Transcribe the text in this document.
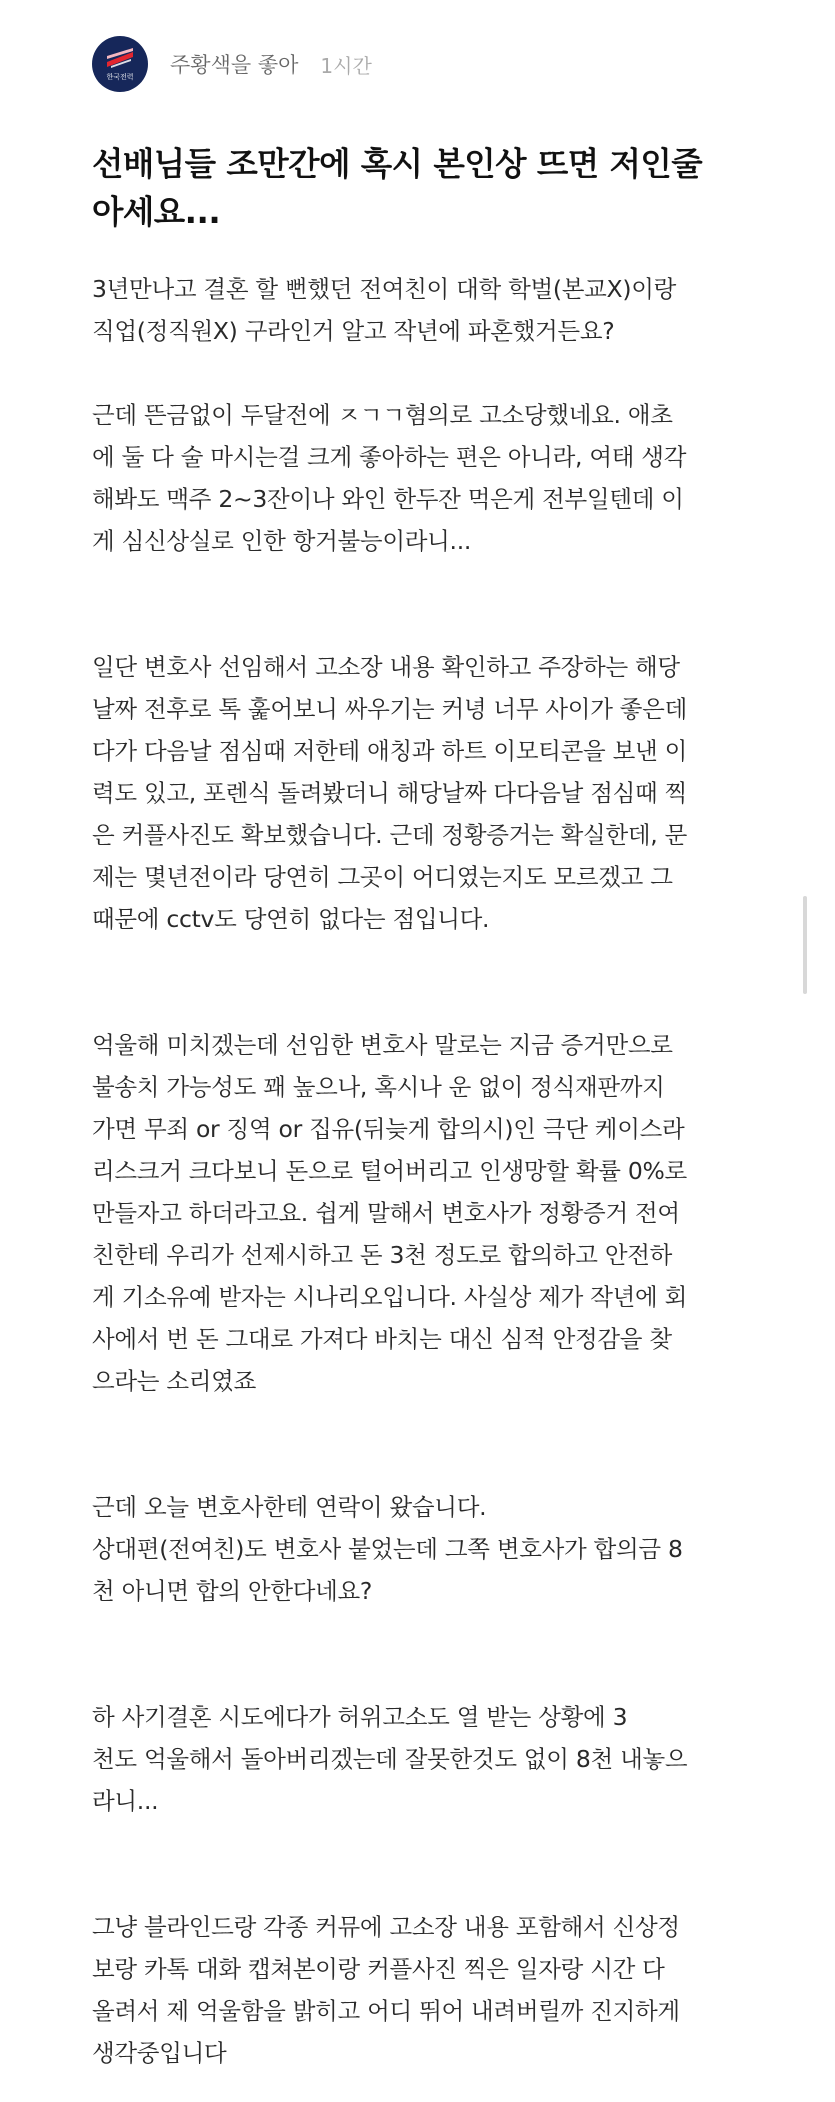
한국전력	주황색을 좋아 1시간
선배님들 조만간에 혹시 본인상 뜨면 저인줄
아세요...
3년만나고 결혼 할 뻔했던 전여친이 대학 학벌(본교X)이랑
직업(정직원X) 구라인거 알고 작년에 파혼했거든요?
근데 뜬금없이 두달전에 ㅈㄱㄱ혐의로 고소당했네요. 애초
에 둘 다 술 마시는걸 크게 좋아하는 편은 아니라, 여태 생각
해봐도 맥주 2~3잔이나 와인 한두잔 먹은게 전부일텐데 이
게 심신상실로 인한 항거불능이라니...
일단 변호사 선임해서 고소장 내용 확인하고 주장하는 해당
날짜 전후로 톡 훑어보니 싸우기는 커녕 너무 사이가 좋은데
다가 다음날 점심때 저한테 애칭과 하트 이모티콘을 보낸 이
력도 있고, 포렌식 돌려봤더니 해당날짜 다다음날 점심때 찍
은 커플사진도 확보했습니다. 근데 정황증거는 확실한데, 문
제는 몇년전이라 당연히 그곳이 어디였는지도 모르겠고 그
때문에 cctv도 당연히 없다는 점입니다.
억울해 미치겠는데 선임한 변호사 말로는 지금 증거만으로
불송치 가능성도 꽤 높으나, 혹시나 운 없이 정식재판까지
가면 무죄 or 징역 or 집유(뒤늦게 합의시)인 극단 케이스라
리스크거 크다보니 돈으로 털어버리고 인생망할 확률 0%로
만들자고 하더라고요. 쉽게 말해서 변호사가 정황증거 전여
친한테 우리가 선제시하고 돈 3천 정도로 합의하고 안전하
게 기소유예 받자는 시나리오입니다. 사실상 제가 작년에 회
사에서 번 돈 그대로 가져다 바치는 대신 심적 안정감을 찾
으라는 소리였죠
근데 오늘 변호사한테 연락이 왔습니다.
상대편(전여친)도 변호사 붙었는데 그쪽 변호사가 합의금 8
천 아니면 합의 안한다네요?
하 사기결혼 시도에다가 허위고소도 열 받는 상황에 3
천도 억울해서 돌아버리겠는데 잘못한것도 없이 8천 내놓으
라니...
그냥 블라인드랑 각종 커뮤에 고소장 내용 포함해서 신상정
보랑 카톡 대화 캡쳐본이랑 커플사진 찍은 일자랑 시간 다
올려서 제 억울함을 밝히고 어디 뛰어 내려버릴까 진지하게
생각중입니다
